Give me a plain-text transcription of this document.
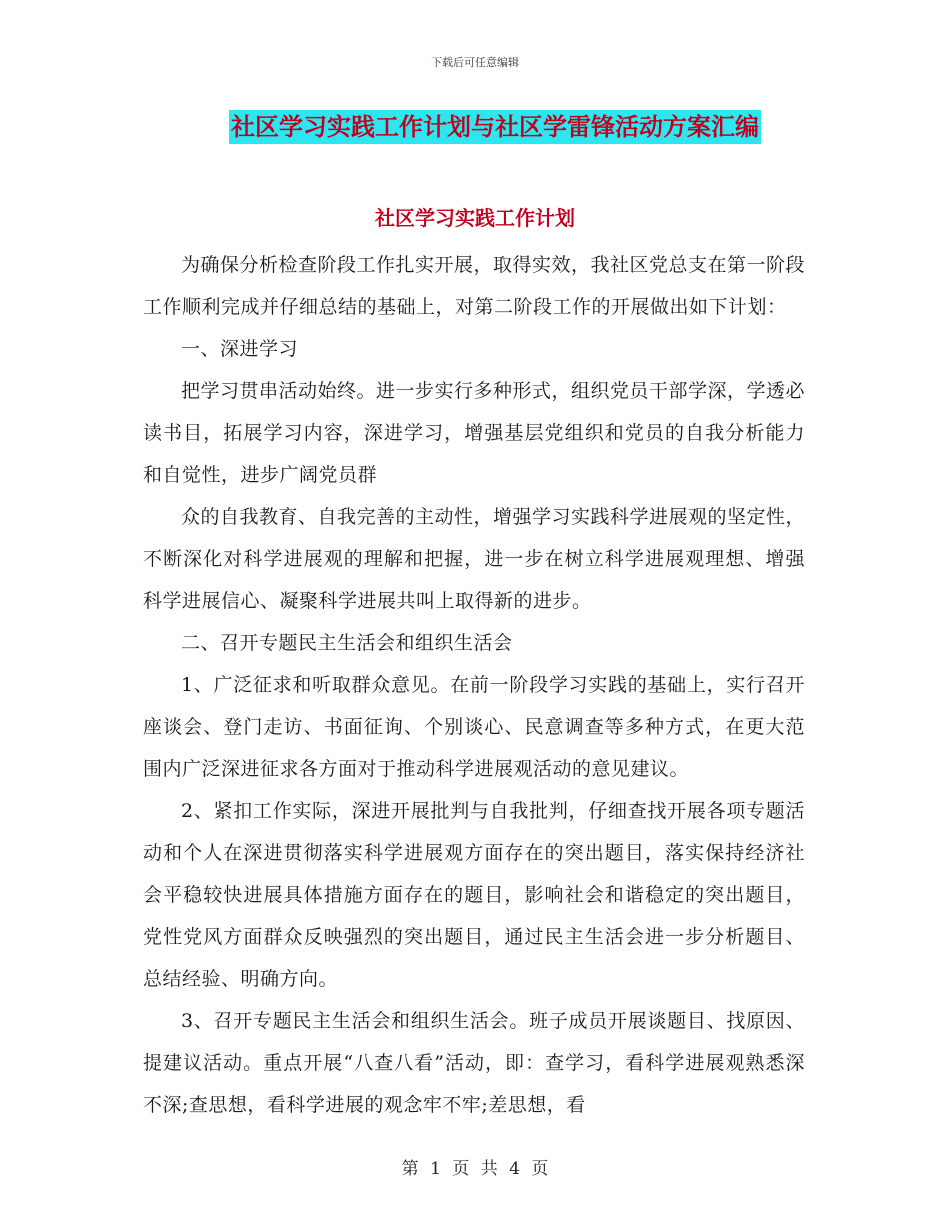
下载后可任意编辑
社区学习实践工作计划与社区学雷锋活动方案汇编
社区学习实践工作计划

为确保分析检查阶段工作扎实开展，取得实效，我社区党总支在第一阶段工作顺利完成并仔细总结的基础上，对第二阶段工作的开展做出如下计划：

一、深进学习

把学习贯串活动始终。进一步实行多种形式，组织党员干部学深，学透必读书目，拓展学习内容，深进学习，增强基层党组织和党员的自我分析能力和自觉性，进步广阔党员群

众的自我教育、自我完善的主动性，增强学习实践科学进展观的坚定性，不断深化对科学进展观的理解和把握，进一步在树立科学进展观理想、增强科学进展信心、凝聚科学进展共叫上取得新的进步。

二、召开专题民主生活会和组织生活会

1、广泛征求和听取群众意见。在前一阶段学习实践的基础上，实行召开座谈会、登门走访、书面征询、个别谈心、民意调查等多种方式，在更大范围内广泛深进征求各方面对于推动科学进展观活动的意见建议。

2、紧扣工作实际，深进开展批判与自我批判，仔细查找开展各项专题活动和个人在深进贯彻落实科学进展观方面存在的突出题目，落实保持经济社会平稳较快进展具体措施方面存在的题目，影响社会和谐稳定的突出题目，党性党风方面群众反映强烈的突出题目，通过民主生活会进一步分析题目、总结经验、明确方向。

3、召开专题民主生活会和组织生活会。班子成员开展谈题目、找原因、提建议活动。重点开展“八查八看”活动，即：查学习，看科学进展观熟悉深不深;查思想，看科学进展的观念牢不牢;差思想，看

第 1 页 共 4 页
